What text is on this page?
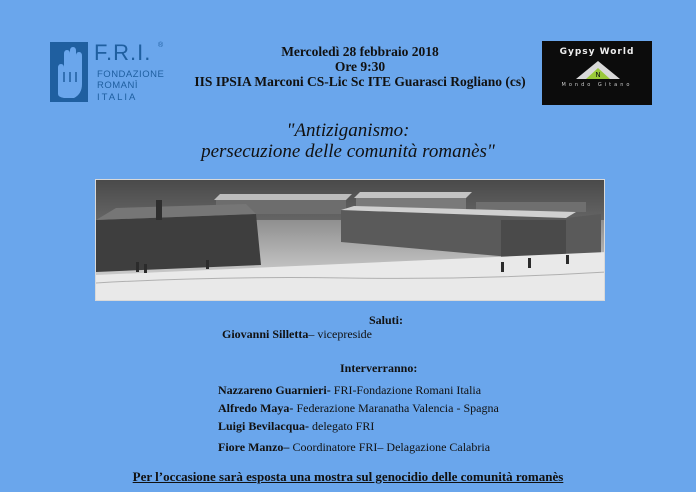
F.R.I. ®
FONDAZIONE
ROMANÌ
ITALIA
Mercoledì 28 febbraio 2018
Ore 9:30
IIS IPSIA Marconi CS-Lic Sc ITE Guarasci Rogliano (cs)
Gypsy World
N
Mondo Gitano
"Antiziganismo:
persecuzione delle comunità romanès"
Saluti:
Giovanni Silletta– vicepreside
Interverranno:
Nazzareno Guarnieri- FRI-Fondazione Romani Italia
Alfredo Maya- Federazione Maranatha Valencia - Spagna
Luigi Bevilacqua- delegato FRI
Fiore Manzo– Coordinatore FRI– Delagazione Calabria
Per l’occasione sarà esposta una mostra sul genocidio delle comunità romanès
